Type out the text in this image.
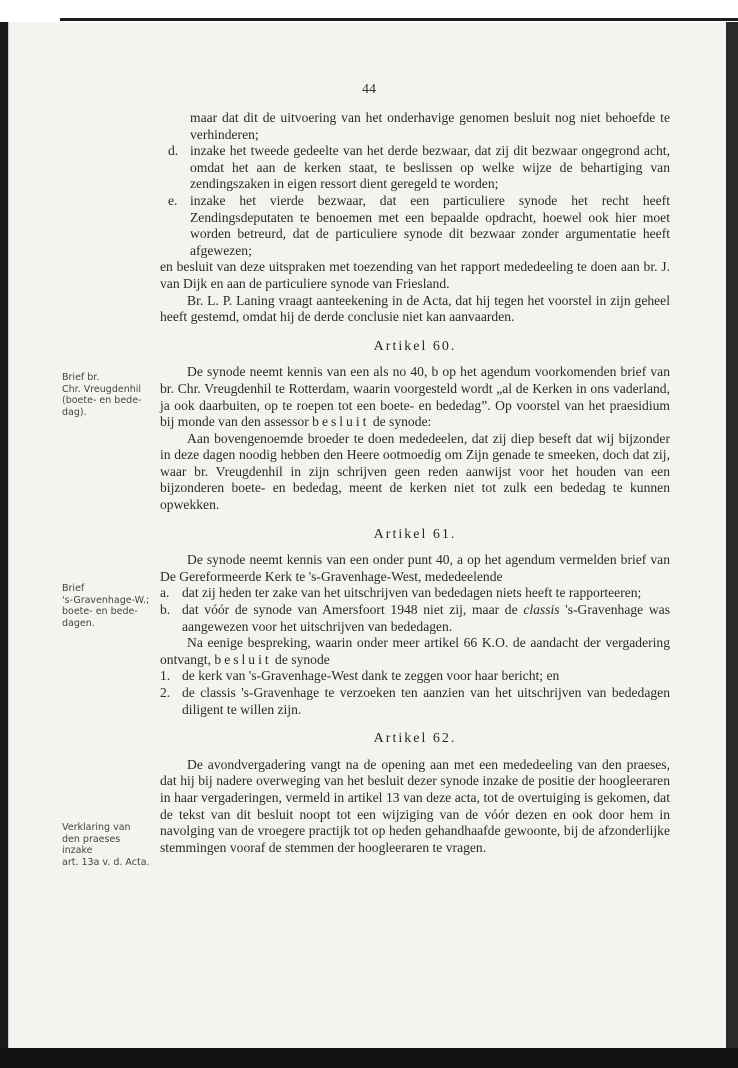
44

Brief br.

Chr. Vreugdenhil

(boete- en bede-

dag).

Brief

's-Gravenhage-W.;

boete- en bede-

dagen.

Verklaring van

den praeses inzake

art. 13a v. d. Acta.

maar dat dit de uitvoering van het onderhavige genomen besluit nog niet behoefde te verhinderen;

d. inzake het tweede gedeelte van het derde bezwaar, dat zij dit bezwaar ongegrond acht, omdat het aan de kerken staat, te beslissen op welke wijze de behartiging van zendingszaken in eigen ressort dient geregeld te worden;
e. inzake het vierde bezwaar, dat een particuliere synode het recht heeft Zendingsdeputaten te benoemen met een bepaalde opdracht, hoewel ook hier moet worden betreurd, dat de particuliere synode dit bezwaar zonder argumentatie heeft afgewezen;

en besluit van deze uitspraken met toezending van het rapport mededeeling te doen aan br. J. van Dijk en aan de particuliere synode van Friesland.

Br. L. P. Laning vraagt aanteekening in de Acta, dat hij tegen het voorstel in zijn geheel heeft gestemd, omdat hij de derde conclusie niet kan aanvaarden.

Artikel 60.

De synode neemt kennis van een als no 40, b op het agendum voorkomenden brief van br. Chr. Vreugdenhil te Rotterdam, waarin voorgesteld wordt „al de Kerken in ons vaderland, ja ook daarbuiten, op te roepen tot een boete- en bededag”. Op voorstel van het praesidium bij monde van den assessor besluit de synode:

Aan bovengenoemde broeder te doen mededeelen, dat zij diep beseft dat wij bijzonder in deze dagen noodig hebben den Heere ootmoedig om Zijn genade te smeeken, doch dat zij, waar br. Vreugdenhil in zijn schrijven geen reden aanwijst voor het houden van een bijzonderen boete- en bededag, meent de kerken niet tot zulk een bededag te kunnen opwekken.

Artikel 61.

De synode neemt kennis van een onder punt 40, a op het agendum vermelden brief van De Gereformeerde Kerk te 's-Gravenhage-West, mededeelende

a. dat zij heden ter zake van het uitschrijven van bededagen niets heeft te rapporteeren;
b. dat vóór de synode van Amersfoort 1948 niet zij, maar de classis 's-Gravenhage was aangewezen voor het uitschrijven van bededagen.

Na eenige bespreking, waarin onder meer artikel 66 K.O. de aandacht der vergadering ontvangt, besluit de synode

1. de kerk van 's-Gravenhage-West dank te zeggen voor haar bericht; en
2. de classis 's-Gravenhage te verzoeken ten aanzien van het uitschrijven van bededagen diligent te willen zijn.
Artikel 62.

De avondvergadering vangt na de opening aan met een mededeeling van den praeses, dat hij bij nadere overweging van het besluit dezer synode inzake de positie der hoogleeraren in haar vergaderingen, vermeld in artikel 13 van deze acta, tot de overtuiging is gekomen, dat de tekst van dit besluit noopt tot een wijziging van de vóór dezen en ook door hem in navolging van de vroegere practijk tot op heden gehandhaafde gewoonte, bij de afzonderlijke stemmingen vooraf de stemmen der hoogleeraren te vragen.
